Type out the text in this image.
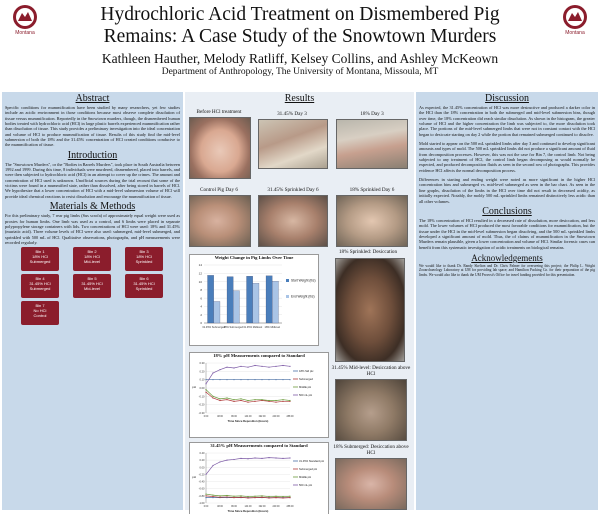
Montana	Montana
Hydrochloric Acid Treatment on Dismembered Pig
Remains: A Case Study of the Snowtown Murders
Kathleen Hauther, Melody Ratliff, Kelsey Collins, and Ashley McKeown
Department of Anthropology, The University of Montana, Missoula, MT
Abstract
Specific conditions for mummification have been studied by many researchers, yet few studies include an acidic environment in those conditions because most observe complete dissolution of tissue versus mummification. Reportedly in the Snowtown murders, though, the dismembered human bodies treated with hydrochloric acid (HCl) in large plastic barrels experienced mummification rather than dissolution of tissue. This study provides a preliminary investigation into the ideal concentration and volume of HCl to produce mummification of tissue. Results of this study find the mid-level submersion of both the 18% and the 31.45% concentration of HCl created conditions conducive to the mummification of tissue.
Introduction
The "Snowtown Murders", or the "Bodies in Barrels Murders", took place in South Australia between 1992 and 1999. During this time, 8 individuals were murdered, dismembered, placed into barrels, and were then subjected to hydrochloric acid (HCl) in an attempt to cover up the crimes. The amount and concentration of HCl used is unknown. Unofficial sources during the trial recount that some of the victims were found in a mummified state, rather than dissolved, after being stored in barrels of HCl. We hypothesize that a lower concentration of HCl with a mid-level submersion volume of HCl will provide ideal chemical reactions to resist dissolution and encourage the mummification of tissue.
Materials & Methods
For this preliminary study, 7 rear pig limbs (Sus scrofa) of approximately equal weight were used as proxies for human limbs. One limb was used as a control, and 6 limbs were placed in separate polypropylene storage containers with lids. Two concentrations of HCl were used: 18% and 31.45% (muriatic acid). Three volume levels of HCl were also used: submerged, mid-level submerged, and sprinkled with 500 mL of HCl. Qualitative observations, photographs, and pH measurements were recorded regularly.
Bin 1
18% HCl
Submerged
Bin 2
18% HCl
Mid-level
Bin 3
18% HCl
Sprinkled
Bin 4
31.45% HCl
Submerged
Bin 5
31.45% HCl
Mid-level
Bin 6
31.45% HCl
Sprinkled
Bin 7
No HCl
Control
Results
Before HCl treatment	31.45% Day 3	18% Day 3
Control Pig Day 6	31.45% Sprinkled Day 6	18% Sprinkled Day 6
Weight Change in Pig Limbs Over Time
0
2
4
6
8
10
12
14
31.45% Submerged
18% Submerged 31.45% Midlevel 18% Midlevel
Start Weight (lbs)
End Weight (lbs)
18% Sprinkled: Desiccation
18% pH Measurements compared to Standard
-0.30
-0.20
-0.10
0.00
0.10
0.20
0.30
0:00	48:00	96:00	144:00	192:00	240:00	288:00
Time Since Deposition (Hours)
pH
18% Std pH
Submerged
Middle pH
500 mL pH
31.45% Mid-level: Desiccation above HCl
31.45% pH Measurements compared to Standard
-1.00
-0.80
-0.60
-0.40
-0.20
0.00
0.20
0.40
0:00	48:00	96:00	144:00	192:00	240:00	288:00
Time Since Deposition (Hours)
pH
31.45% Standard pH
Submerged pH
Middle pH
500 mL pH
18% Submerged: Desiccation above HCl
Discussion
As expected, the 31.45% concentration of HCl was more destructive and produced a darker color in the HCl than the 18% concentration in both the submerged and mid-level submersion bins, though over time, the 18% concentration did reach similar dissolution. As shown in the histogram, the greater volume of HCl and the higher concentration the limb was subjected to, the more dissolution took place. The portions of the mid-level submerged limbs that were not in constant contact with the HCl began to desiccate starting on day 2 while the portion that remained submerged continued to dissolve.
Mold started to appear on the 500 mL sprinkled limbs after day 3 and continued to develop significant amounts and types of mold. The 500 mL sprinkled limbs did not produce a significant amount of fluid from decomposition processes. However, this was not the case for Bin 7, the control limb. Not being subjected to any treatment of HCl, the control limb began decomposing as would normally be expected, and produced decomposition fluids as seen in the second row of photographs. This provides evidence HCl affects the normal decomposition process.
Differences in starting and ending weight were noted as more significant in the higher HCl concentration bins and submerged vs. mid-level submerged as seen in the bar chart. As seen in the line graphs, dissolution of the limbs in the HCl over time did not result in decreased acidity, as initially expected. Notably, the moldy 500 mL sprinkled limbs remained distinctively less acidic than all other volumes.
Conclusions
The 18% concentration of HCl resulted in a decreased rate of dissolution, more desiccation, and less mold. The lower volumes of HCl produced the most favorable conditions for mummification, but the tissue under the HCl in the mid-level submersion began dissolving, and the 500 mL sprinkled limbs developed a significant amount of mold. Thus, the of claims of mummification in the Snowtown Murders remain plausible, given a lower concentration and volume of HCl. Similar forensic cases can benefit from this systematic investigation of acidic treatments on biological remains.
Acknowledgements
We would like to thank Dr. Randy Skelton and Dr. Chris Palmer for overseeing this project; the Philip L. Wright Zooarchaeology Laboratory at UM for providing lab space; and Hamilton Packing Co. for their preparation of the pig limbs. We would also like to thank the UM Provost's Office for travel funding provided for this presentation.
